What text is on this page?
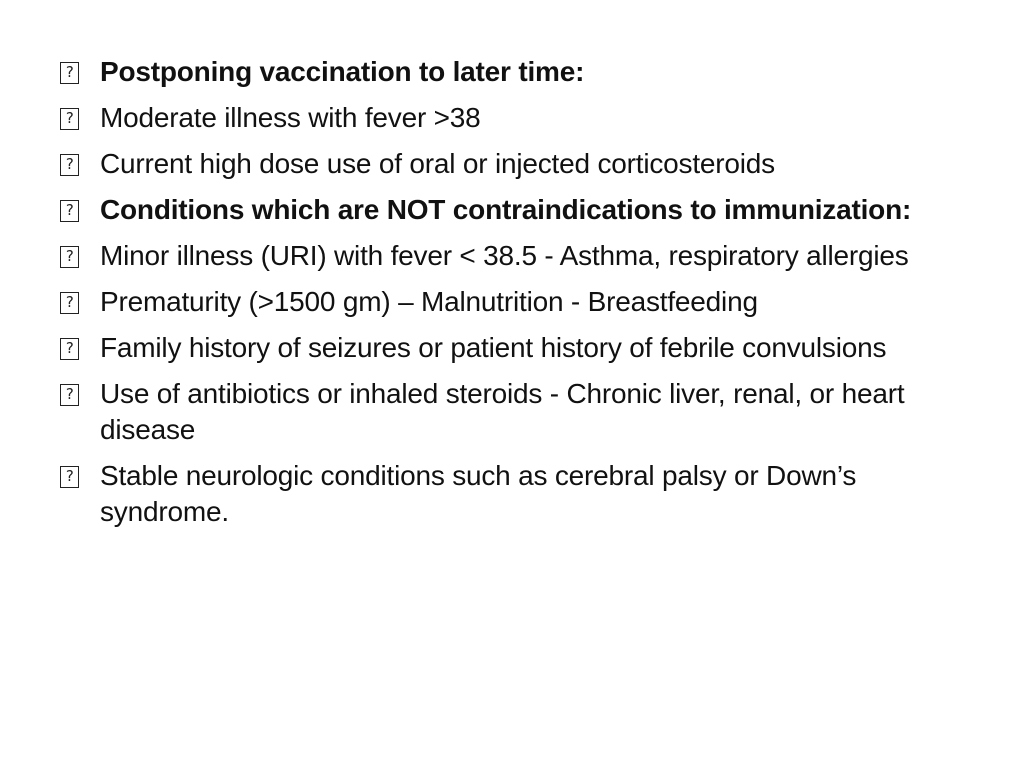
? Postponing vaccination to later time:
? Moderate illness with fever >38
? Current high dose use of oral or injected corticosteroids
? Conditions which are NOT contraindications to immunization:
? Minor illness (URI) with fever < 38.5 - Asthma, respiratory allergies
? Prematurity (>1500 gm) – Malnutrition - Breastfeeding
? Family history of seizures or patient history of febrile convulsions
? Use of antibiotics or inhaled steroids - Chronic liver, renal, or heart disease
? Stable neurologic conditions such as cerebral palsy or Down’s syndrome.
